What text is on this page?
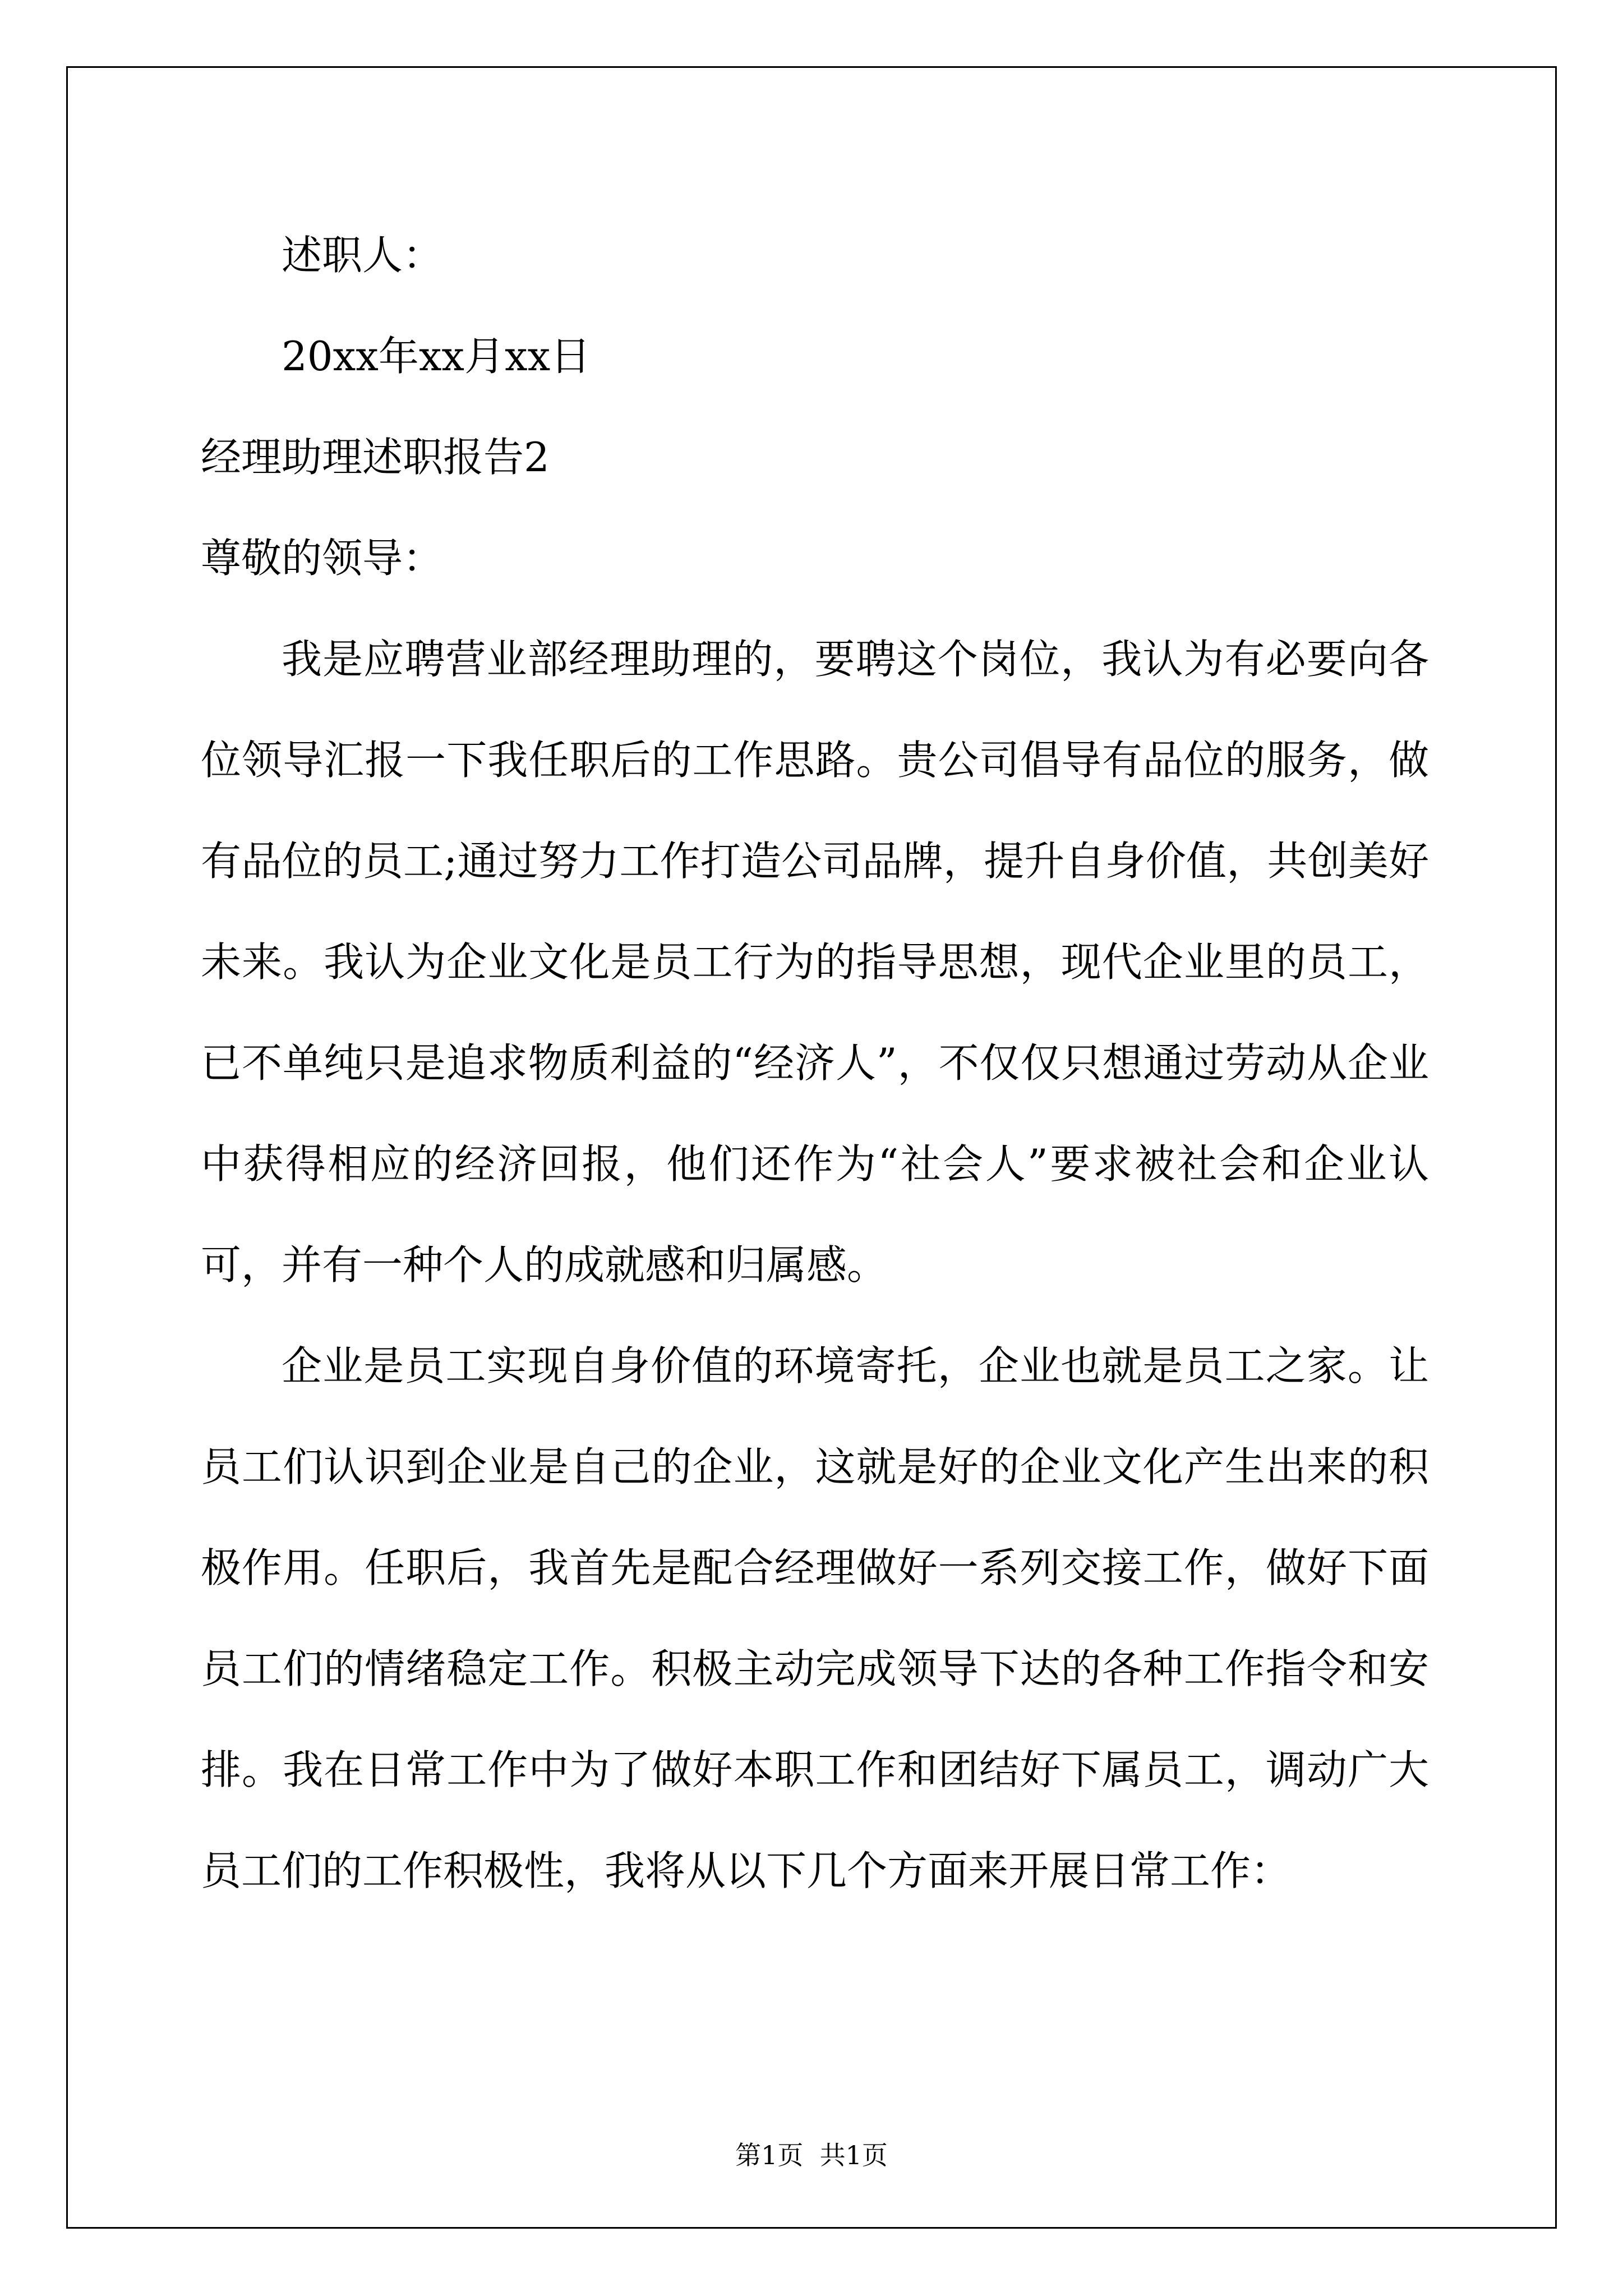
述职人：
20xx年xx月xx日
经理助理述职报告2
尊敬的领导：
我是应聘营业部经理助理的，要聘这个岗位，我认为有必要向各
位领导汇报一下我任职后的工作思路。贵公司倡导有品位的服务，做
有品位的员工;通过努力工作打造公司品牌，提升自身价值，共创美好
未来。我认为企业文化是员工行为的指导思想，现代企业里的员工，
已不单纯只是追求物质利益的“经济人”，不仅仅只想通过劳动从企业
中获得相应的经济回报，他们还作为“社会人”要求被社会和企业认
可，并有一种个人的成就感和归属感。
企业是员工实现自身价值的环境寄托，企业也就是员工之家。让
员工们认识到企业是自己的企业，这就是好的企业文化产生出来的积
极作用。任职后，我首先是配合经理做好一系列交接工作，做好下面
员工们的情绪稳定工作。积极主动完成领导下达的各种工作指令和安
排。我在日常工作中为了做好本职工作和团结好下属员工，调动广大
员工们的工作积极性，我将从以下几个方面来开展日常工作：
第1页  共1页
